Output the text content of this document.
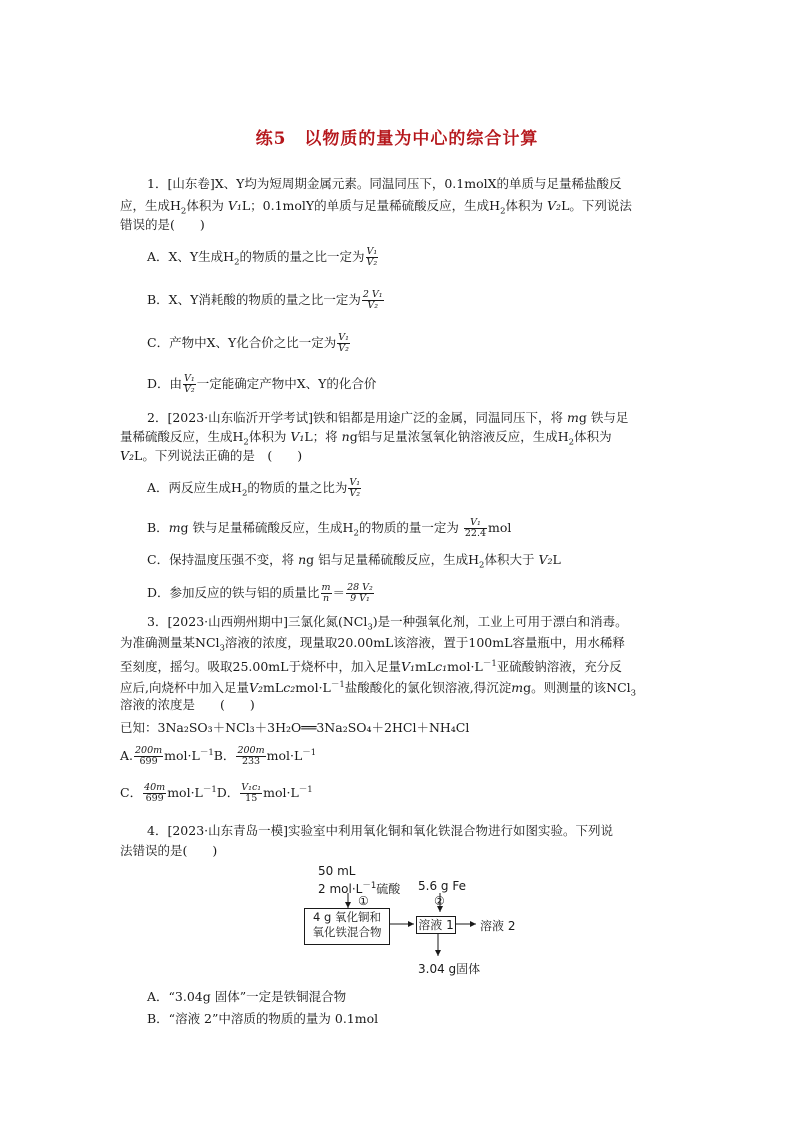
练5　以物质的量为中心的综合计算
1．[山东卷]X、Y均为短周期金属元素。同温同压下，0.1molX的单质与足量稀盐酸反
应，生成$H_2$体积为 V₁L；0.1molY的单质与足量稀硫酸反应，生成$H_2$体积为 V₂L。下列说法
错误的是(　　)
A．X、Y生成$H_2$的物质的量之比一定为 $\frac{\text{V₁}}{\text{V₂}}$
B．X、Y消耗酸的物质的量之比一定为 $\frac{\text{2 V₁}}{\text{V₂}}$
C．产物中X、Y化合价之比一定为 $\frac{\text{V₁}}{\text{V₂}}$
D．由 $\frac{\text{V₁}}{\text{V₂}}$ 一定能确定产物中X、Y的化合价
2．[2023·山东临沂开学考试]铁和铝都是用途广泛的金属，同温同压下，将 mg 铁与足
量稀硫酸反应，生成$H_2$体积为 V₁L；将 ng铝与足量浓氢氧化钠溶液反应，生成$H_2$体积为
V₂L。下列说法正确的是　(　　)
A．两反应生成$H_2$的物质的量之比为 $\frac{\text{V₁}}{\text{V₂}}$
B．mg 铁与足量稀硫酸反应，生成$H_2$的物质的量一定为 $\frac{\text{V₁}}{22.4}$ mol
C．保持温度压强不变，将 ng 铝与足量稀硫酸反应，生成$H_2$体积大于 V₂L
D．参加反应的铁与铝的质量比 $\frac{m}{n} = \frac{\text{28 V₂}}{\text{9 V₁}}$
3．[2023·山西朔州期中]三氯化氮(NCl$_3$)是一种强氧化剂，工业上可用于漂白和消毒。
为准确测量某NCl$_3$溶液的浓度，现量取20.00mL该溶液，置于100mL容量瓶中，用水稀释
至刻度，摇匀。吸取25.00mL于烧杯中，加入足量$V_1mLc_1mol\cdot L^{-1}$亚硫酸钠溶液，充分反
应后,向烧杯中加入足量$V_2mLc_2mol\cdot L^{-1}$盐酸酸化的氯化钡溶液,得沉淀mg。则测量的该NCl$_3$
溶液的浓度是　　(　　)
已知：3Na₂SO₃＋NCl₃＋3H₂O══3Na₂SO₄＋2HCl＋NH₄Cl
A. $\frac{200m}{699} mol\cdot L^{-1}B$． $\frac{200m}{233} mol\cdot L^{-1}$
C． $\frac{40m}{699} mol\cdot L^{-1}D$． $\frac{\text{V₁c₁}}{15} mol\cdot L^{-1}$
4．[2023·山东青岛一模]实验室中利用氧化铜和氧化铁混合物进行如图实验。下列说
法错误的是(　　)
50 mL
2 $mol\cdot L^{-1}$硫酸
①
5.6 g Fe
②
4 g 氧化铜和
氧化铁混合物	溶液 1 溶液 2
3.04 g固体
A．“3.04g 固体”一定是铁铜混合物
B．“溶液 2”中溶质的物质的量为 0.1mol
